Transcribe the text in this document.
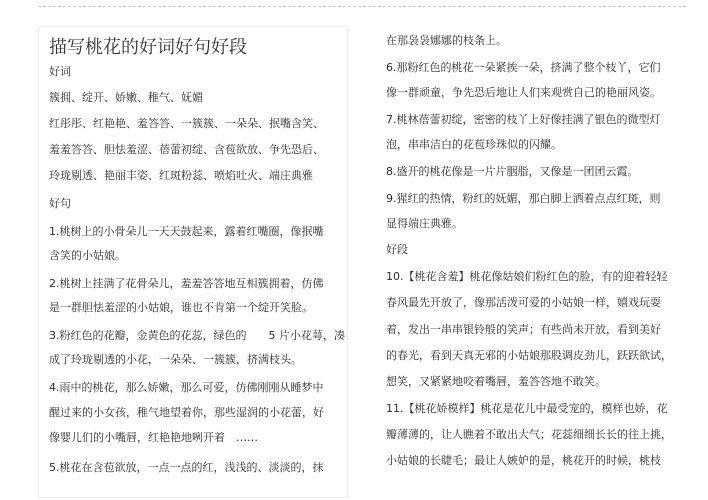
描写桃花的好词好句好段
好词
簇拥、绽开、娇嫩、稚气、妩媚
红彤彤、红艳艳、羞答答、一簇簇、一朵朵、抿嘴含笑、
羞羞答答、胆怯羞涩、蓓蕾初绽、含苞欲放、争先恐后、
玲珑剔透、艳丽丰姿、红斑粉蕊、喷焰吐火、端庄典雅
好句
1.桃树上的小骨朵儿一天天鼓起来，露着红嘴圈，像抿嘴
含笑的小姑娘。
2.桃树上挂满了花骨朵儿，羞羞答答地互相簇拥着，仿佛
是一群胆怯羞涩的小姑娘，谁也不肯第一个绽开笑脸。
3.粉红色的花瓣，金黄色的花蕊，绿色的　　5 片小花萼，凑
成了玲珑剔透的小花，一朵朵、一簇簇，挤满枝头。
4.雨中的桃花，那么娇嫩，那么可爱，仿佛刚刚从睡梦中
醒过来的小女孩，稚气地望着你，那些湿润的小花蕾，好
像婴儿们的小嘴唇，红艳艳地咧开着　……
5.桃花在含苞欲放，一点一点的红，浅浅的、淡淡的，抹
在那袅袅娜娜的枝条上。
6.那粉红色的桃花一朵紧挨一朵，挤满了整个枝丫，它们
像一群顽童，争先恐后地让人们来观赏自己的艳丽风姿。
7.桃林蓓蕾初绽，密密的枝丫上好像挂满了银色的微型灯
泡，串串洁白的花苞珍珠似的闪耀。
8.盛开的桃花像是一片片胭脂，又像是一团团云霞。
9.猩红的热情，粉红的妩媚，那白脚上洒着点点红斑，则
显得端庄典雅。
好段
10.【桃花含羞】桃花像姑娘们粉红色的脸，有的迎着轻轻
春风最先开放了，像那活泼可爱的小姑娘一样，嬉戏玩耍
着，发出一串串银铃般的笑声；有些尚未开放，看到美好
的春光，看到天真无邪的小姑娘那股调皮劲儿，跃跃欲试，
想笑，又紧紧地咬着嘴唇，羞答答地不敢笑。
11.【桃花娇模样】桃花是花儿中最受宠的，模样也娇，花
瓣薄薄的，让人瞧着不敢出大气；花蕊细细长长的往上挑，
小姑娘的长睫毛；最让人嫉妒的是，桃花开的时候，桃枝
